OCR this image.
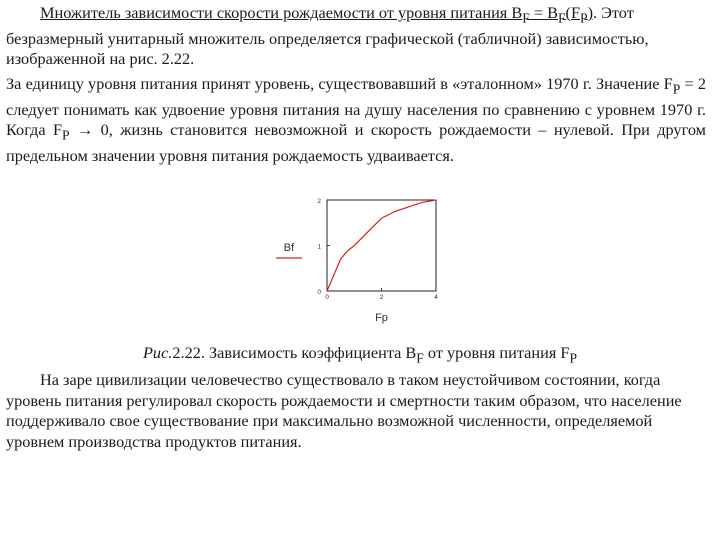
Множитель зависимости скорости рождаемости от уровня питания $B_F = B_F(F_P)$. Этот безразмерный унитарный множитель определяется графической (табличной) зависимостью, изображенной на рис. 2.22.
За единицу уровня питания принят уровень, существовавший в «эталонном» 1970 г. Значение $F_P = 2$ следует понимать как удвоение уровня питания на душу населения по сравнению с уровнем 1970 г. Когда $F_P \to 0$, жизнь становится невозможной и скорость рождаемости – нулевой. При другом предельном значении уровня питания рождаемость удваивается.
0
1
2
0	2	4
Fp
Bf
Рис.2.22. Зависимость коэффициента $B_F$ от уровня питания $F_P$
На заре цивилизации человечество существовало в таком неустойчивом состоянии, когда уровень питания регулировал скорость рождаемости и смертности таким образом, что население поддерживало свое существование при максимально возможной численности, определяемой уровнем производства продуктов питания.
